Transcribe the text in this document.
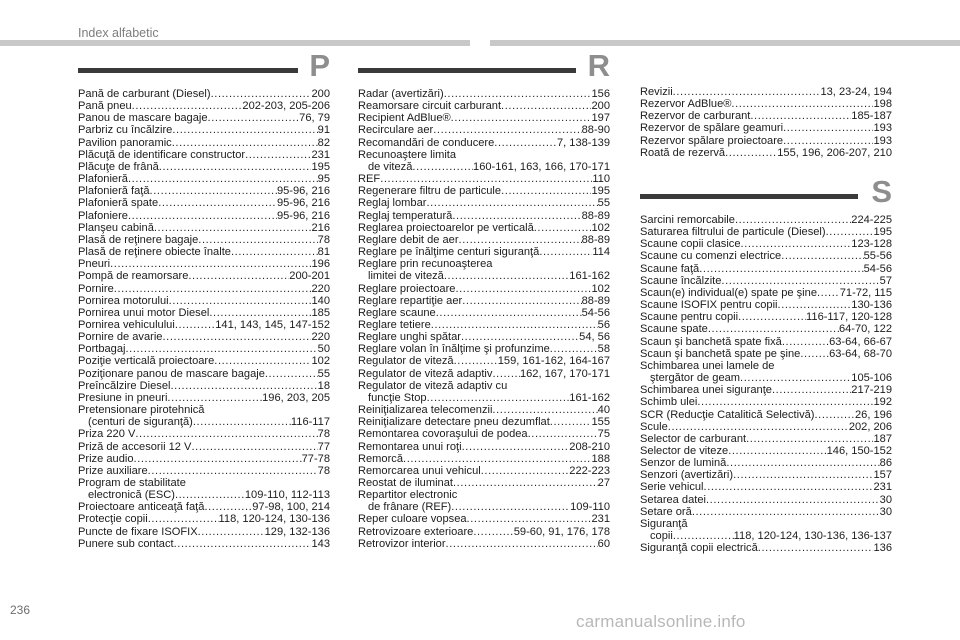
Index alfabetic
P
Pană de carburant (Diesel) .....	200
Pană pneu .....	202-203, 205-206
Panou de mascare bagaje .....	76, 79
Parbriz cu încălzire .....	91
Pavilion panoramic .....	82
Plăcuţă de identificare constructor .....	231
Plăcuţe de frână .....	195
Plafonieră .....	95
Plafonieră faţă .....	95-96, 216
Plafonieră spate .....	95-96, 216
Plafoniere .....	95-96, 216
Planşeu cabină .....	216
Plasă de reţinere bagaje .....	78
Plasă de reţinere obiecte înalte .....	81
Pneuri .....	196
Pompă de reamorsare .....	200-201
Pornire .....	220
Pornirea motorului .....	140
Pornirea unui motor Diesel .....	185
Pornirea vehiculului .....	141, 143, 145, 147-152
Pornire de avarie .....	220
Portbagaj .....	50
Poziţie verticală proiectoare .....	102
Poziţionare panou de mascare bagaje .....	55
Preîncălzire Diesel .....	18
Presiune in pneuri .....	196, 203, 205
Pretensionare pirotehnică
(centuri de siguranţă) .....	116-117
Priza 220 V .....	78
Priză de accesorii 12 V .....	77
Prize audio .....	77-78
Prize auxiliare .....	78
Program de stabilitate
electronică (ESC) .....	109-110, 112-113
Proiectoare anticeaţă faţă .....	97-98, 100, 214
Protecţie copii .....	118, 120-124, 130-136
Puncte de fixare ISOFIX .....	129, 132-136
Punere sub contact .....	143
R
Radar (avertizări) .....	156
Reamorsare circuit carburant .....	200
Recipient AdBlue® .....	197
Recirculare aer .....	88-90
Recomandări de conducere .....	7, 138-139
Recunoaştere limita
de viteză .....	160-161, 163, 166, 170-171
REF .....	110
Regenerare filtru de particule .....	195
Reglaj lombar .....	55
Reglaj temperatură .....	88-89
Reglarea proiectoarelor pe verticală .....	102
Reglare debit de aer .....	88-89
Reglare pe înălţime centuri siguranţă .....	114
Reglare prin recunoaşterea
limitei de viteză .....	161-162
Reglare proiectoare .....	102
Reglare repartiţie aer .....	88-89
Reglare scaune .....	54-56
Reglare tetiere .....	56
Reglare unghi spătar .....	54, 56
Reglare volan în înălţime şi profunzime .....	58
Regulator de viteză .....	159, 161-162, 164-167
Regulator de viteză adaptiv ..... 162, 167, 170-171
Regulator de viteză adaptiv cu
funcţie Stop .....	161-162
Reiniţializarea telecomenzii .....	40
Reiniţializare detectare pneu dezumflat .....	155
Remontarea covoraşului de podea .....	75
Remontarea unui roţi .....	208-210
Remorcă .....	188
Remorcarea unui vehicul .....	222-223
Reostat de iluminat .....	27
Repartitor electronic
de frânare (REF) .....	109-110
Reper culoare vopsea .....	231
Retrovizoare exterioare .....	59-60, 91, 176, 178
Retrovizor interior .....	60
Revizii .....	13, 23-24, 194
Rezervor AdBlue® .....	198
Rezervor de carburant .....	185-187
Rezervor de spălare geamuri .....	193
Rezervor spălare proiectoare .....	193
Roată de rezervă .....	155, 196, 206-207, 210
S
Sarcini remorcabile .....	224-225
Saturarea filtrului de particule (Diesel) .....	195
Scaune copii clasice .....	123-128
Scaune cu comenzi electrice .....	55-56
Scaune faţă .....	54-56
Scaune încălzite .....	57
Scaun(e) individual(e) spate pe şine ..... 71-72, 115
Scaune ISOFIX pentru copii .....	130-136
Scaune pentru copii .....	116-117, 120-128
Scaune spate .....	64-70, 122
Scaun şi banchetă spate fixă .....	63-64, 66-67
Scaun şi banchetă spate pe şine .....	63-64, 68-70
Schimbarea unei lamele de
ştergător de geam .....	105-106
Schimbarea unei siguranţe .....	217-219
Schimb ulei .....	192
SCR (Reducţie Catalitică Selectivă) .....	26, 196
Scule .....	202, 206
Selector de carburant .....	187
Selector de viteze .....	146, 150-152
Senzor de lumină .....	86
Senzori (avertizări) .....	157
Serie vehicul .....	231
Setarea datei .....	30
Setare oră .....	30
Siguranţă
copii .....	118, 120-124, 130-136, 136-137
Siguranţă copii electrică .....	136
236
carmanualsonline.info
